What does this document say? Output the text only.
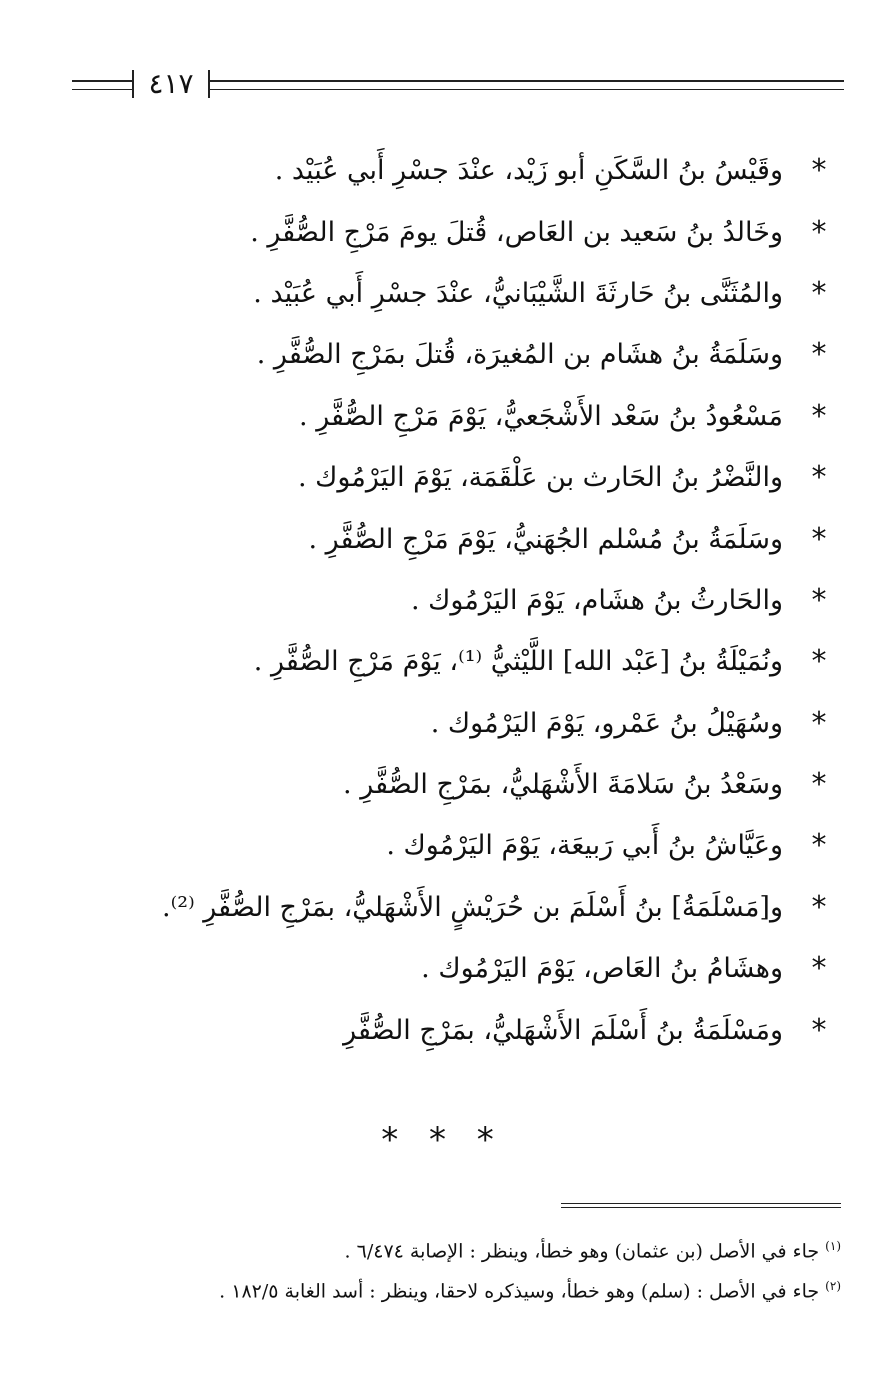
٤١٧
*
وقَيْسُ بنُ السَّكَنِ أبو زَيْد، عنْدَ جسْرِ أَبي عُبَيْد .
*
وخَالدُ بنُ سَعيد بن العَاص، قُتلَ يومَ مَرْجِ الصُّفَّرِ .
*
والمُثَنَّى بنُ حَارثَةَ الشَّيْبَانيُّ، عنْدَ جسْرِ أَبي عُبَيْد .
*
وسَلَمَةُ بنُ هشَام بن المُغيرَة، قُتلَ بمَرْجِ الصُّفَّرِ .
*
مَسْعُودُ بنُ سَعْد الأَشْجَعيُّ، يَوْمَ مَرْجِ الصُّفَّرِ .
*
والنَّضْرُ بنُ الحَارث بن عَلْقَمَة، يَوْمَ اليَرْمُوك .
*
وسَلَمَةُ بنُ مُسْلم الجُهَنيُّ، يَوْمَ مَرْجِ الصُّفَّرِ .
*
والحَارثُ بنُ هشَام، يَوْمَ اليَرْمُوك .
*
ونُمَيْلَةُ بنُ [عَبْد الله] اللَّيْثيُّ ⁽¹⁾، يَوْمَ مَرْجِ الصُّفَّرِ .
*
وسُهَيْلُ بنُ عَمْرو، يَوْمَ اليَرْمُوك .
*
وسَعْدُ بنُ سَلامَةَ الأَشْهَليُّ، بمَرْجِ الصُّفَّرِ .
*
وعَيَّاشُ بنُ أَبي رَبيعَة، يَوْمَ اليَرْمُوك .
*
و[مَسْلَمَةُ] بنُ أَسْلَمَ بن حُرَيْشٍ الأَشْهَليُّ، بمَرْجِ الصُّفَّرِ ⁽²⁾.
*
وهشَامُ بنُ العَاص، يَوْمَ اليَرْمُوك .
*
ومَسْلَمَةُ بنُ أَسْلَمَ الأَشْهَليُّ، بمَرْجِ الصُّفَّرِ
* * *
$^{(١)}$ جاء في الأصل (بن عثمان) وهو خطأ، وينظر : الإصابة ٦/٤٧٤ .
$^{(٢)}$ جاء في الأصل : (سلم) وهو خطأ، وسيذكره لاحقا، وينظر : أسد الغابة ١٨٢/٥ .
